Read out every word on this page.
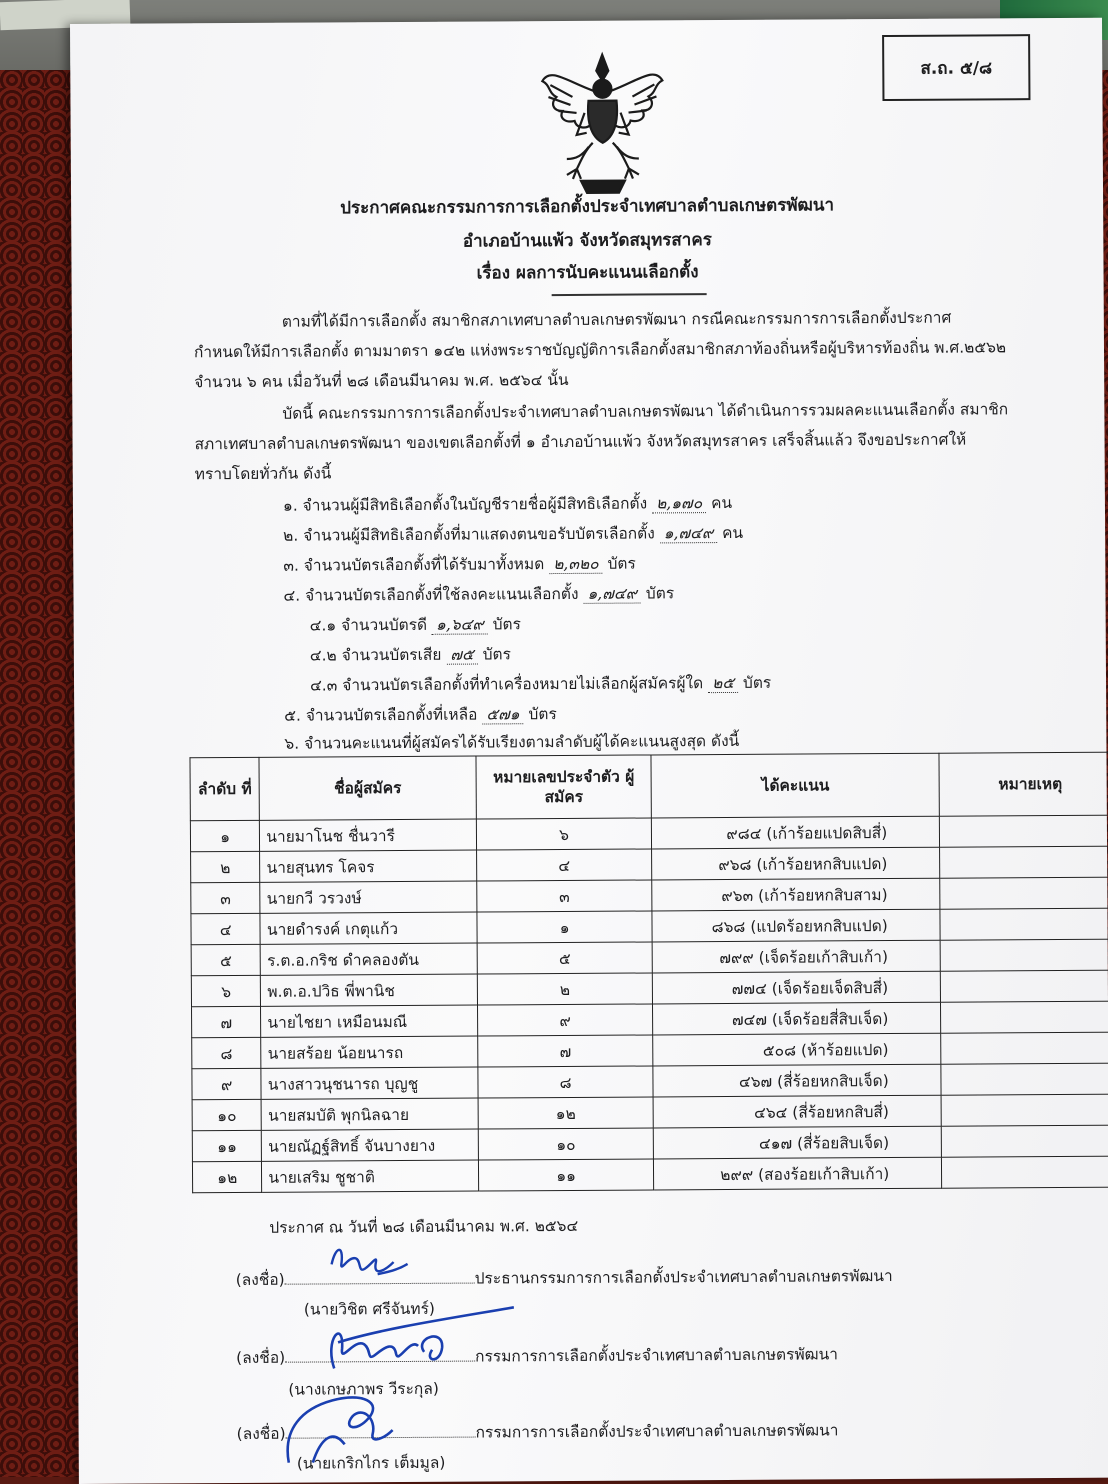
ส.ถ. ๕/๘
ประกาศคณะกรรมการการเลือกตั้งประจำเทศบาลตำบลเกษตรพัฒนา
อำเภอบ้านแพ้ว จังหวัดสมุทรสาคร
เรื่อง ผลการนับคะแนนเลือกตั้ง
ตามที่ได้มีการเลือกตั้ง สมาชิกสภาเทศบาลตำบลเกษตรพัฒนา กรณีคณะกรรมการการเลือกตั้งประกาศ
กำหนดให้มีการเลือกตั้ง ตามมาตรา ๑๔๒ แห่งพระราชบัญญัติการเลือกตั้งสมาชิกสภาท้องถิ่นหรือผู้บริหารท้องถิ่น พ.ศ.๒๕๖๒
จำนวน ๖ คน เมื่อวันที่ ๒๘ เดือนมีนาคม พ.ศ. ๒๕๖๔ นั้น
บัดนี้ คณะกรรมการการเลือกตั้งประจำเทศบาลตำบลเกษตรพัฒนา ได้ดำเนินการรวมผลคะแนนเลือกตั้ง สมาชิก
สภาเทศบาลตำบลเกษตรพัฒนา ของเขตเลือกตั้งที่ ๑ อำเภอบ้านแพ้ว จังหวัดสมุทรสาคร เสร็จสิ้นแล้ว จึงขอประกาศให้
ทราบโดยทั่วกัน ดังนี้
๑. จำนวนผู้มีสิทธิเลือกตั้งในบัญชีรายชื่อผู้มีสิทธิเลือกตั้ง ๒,๑๗๐ คน
๒. จำนวนผู้มีสิทธิเลือกตั้งที่มาแสดงตนขอรับบัตรเลือกตั้ง ๑,๗๔๙ คน
๓. จำนวนบัตรเลือกตั้งที่ได้รับมาทั้งหมด ๒,๓๒๐ บัตร
๔. จำนวนบัตรเลือกตั้งที่ใช้ลงคะแนนเลือกตั้ง ๑,๗๔๙ บัตร
๔.๑ จำนวนบัตรดี ๑,๖๔๙ บัตร
๔.๒ จำนวนบัตรเสีย ๗๕ บัตร
๔.๓ จำนวนบัตรเลือกตั้งที่ทำเครื่องหมายไม่เลือกผู้สมัครผู้ใด ๒๕ บัตร
๕. จำนวนบัตรเลือกตั้งที่เหลือ ๕๗๑ บัตร
๖. จำนวนคะแนนที่ผู้สมัครได้รับเรียงตามลำดับผู้ได้คะแนนสูงสุด ดังนี้
ลำดับ ที่	ชื่อผู้สมัคร	หมายเลขประจำตัว ผู้สมัคร	ได้คะแนน	หมายเหตุ
๑	นายมาโนช ชื่นวารี	๖	๙๘๔ (เก้าร้อยแปดสิบสี่)	
๒	นายสุนทร โคจร	๔	๙๖๘ (เก้าร้อยหกสิบแปด)	
๓	นายกวี วรวงษ์	๓	๙๖๓ (เก้าร้อยหกสิบสาม)	
๔	นายดำรงค์ เกตุแก้ว	๑	๘๖๘ (แปดร้อยหกสิบแปด)	
๕	ร.ต.อ.กริช ดำคลองตัน	๕	๗๙๙ (เจ็ดร้อยเก้าสิบเก้า)	
๖	พ.ต.อ.ปวิธ พี่พานิช	๒	๗๗๔ (เจ็ดร้อยเจ็ดสิบสี่)	
๗	นายไชยา เหมือนมณี	๙	๗๔๗ (เจ็ดร้อยสี่สิบเจ็ด)	
๘	นายสร้อย น้อยนารถ	๗	๕๐๘ (ห้าร้อยแปด)	
๙	นางสาวนุชนารถ บุญชู	๘	๔๖๗ (สี่ร้อยหกสิบเจ็ด)	
๑๐	นายสมบัติ พุกนิลฉาย	๑๒	๔๖๔ (สี่ร้อยหกสิบสี่)	
๑๑	นายณัฏฐ์สิทธิ์ จันบางยาง	๑๐	๔๑๗ (สี่ร้อยสิบเจ็ด)	
๑๒	นายเสริม ชูชาติ	๑๑	๒๙๙ (สองร้อยเก้าสิบเก้า)	
ประกาศ ณ วันที่ ๒๘ เดือนมีนาคม พ.ศ. ๒๕๖๔
(ลงชื่อ)	ประธานกรรมการการเลือกตั้งประจำเทศบาลตำบลเกษตรพัฒนา
(นายวิชิต ศรีจันทร์)
(ลงชื่อ)	กรรมการการเลือกตั้งประจำเทศบาลตำบลเกษตรพัฒนา
(นางเกษภาพร วีระกุล)
(ลงชื่อ)	กรรมการการเลือกตั้งประจำเทศบาลตำบลเกษตรพัฒนา
(นายเกริกไกร เต็มมูล)
